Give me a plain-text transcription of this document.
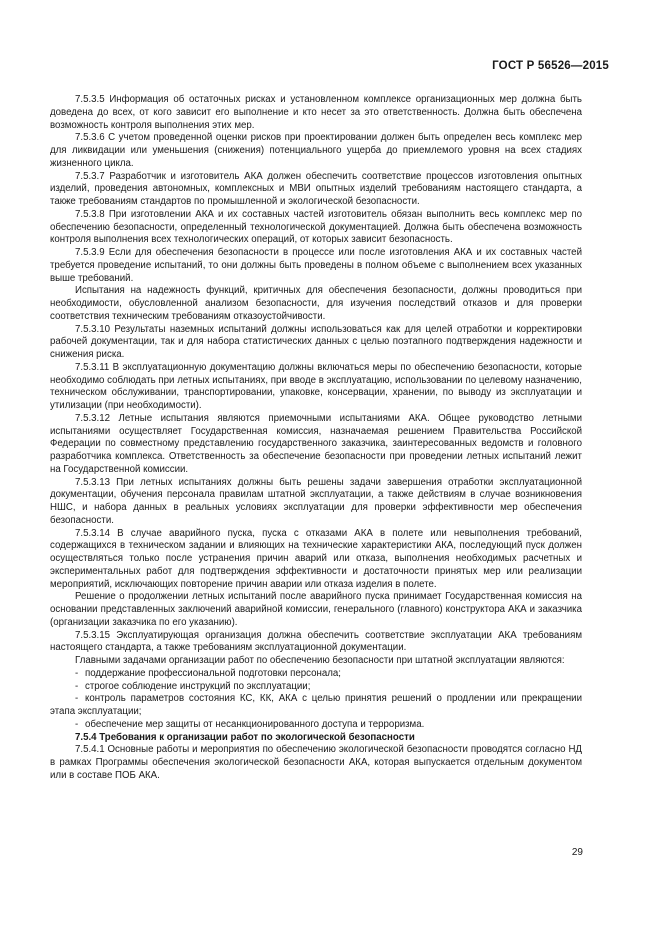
ГОСТ Р 56526—2015

7.5.3.5 Информация об остаточных рисках и установленном комплексе организационных мер должна быть доведена до всех, от кого зависит его выполнение и кто несет за это ответственность. Должна быть обеспечена возможность контроля выполнения этих мер.

7.5.3.6 С учетом проведенной оценки рисков при проектировании должен быть определен весь комплекс мер для ликвидации или уменьшения (снижения) потенциального ущерба до приемлемого уровня на всех стадиях жизненного цикла.

7.5.3.7 Разработчик и изготовитель АКА должен обеспечить соответствие процессов изготовления опытных изделий, проведения автономных, комплексных и МВИ опытных изделий требованиям настоящего стандарта, а также требованиям стандартов по промышленной и экологической безопасности.

7.5.3.8 При изготовлении АКА и их составных частей изготовитель обязан выполнить весь комплекс мер по обеспечению безопасности, определенный технологической документацией. Должна быть обеспечена возможность контроля выполнения всех технологических операций, от которых зависит безопасность.

7.5.3.9 Если для обеспечения безопасности в процессе или после изготовления АКА и их составных частей требуется проведение испытаний, то они должны быть проведены в полном объеме с выполнением всех указанных выше требований.

Испытания на надежность функций, критичных для обеспечения безопасности, должны проводиться при необходимости, обусловленной анализом безопасности, для изучения последствий отказов и для проверки соответствия техническим требованиям отказоустойчивости.

7.5.3.10 Результаты наземных испытаний должны использоваться как для целей отработки и корректировки рабочей документации, так и для набора статистических данных с целью поэтапного подтверждения надежности и снижения риска.

7.5.3.11 В эксплуатационную документацию должны включаться меры по обеспечению безопасности, которые необходимо соблюдать при летных испытаниях, при вводе в эксплуатацию, использовании по целевому назначению, техническом обслуживании, транспортировании, упаковке, консервации, хранении, по выводу из эксплуатации и утилизации (при необходимости).

7.5.3.12 Летные испытания являются приемочными испытаниями АКА. Общее руководство летными испытаниями осуществляет Государственная комиссия, назначаемая решением Правительства Российской Федерации по совместному представлению государственного заказчика, заинтересованных ведомств и головного разработчика комплекса. Ответственность за обеспечение безопасности при проведении летных испытаний лежит на Государственной комиссии.

7.5.3.13 При летных испытаниях должны быть решены задачи завершения отработки эксплуатационной документации, обучения персонала правилам штатной эксплуатации, а также действиям в случае возникновения НШС, и набора данных в реальных условиях эксплуатации для проверки эффективности мер обеспечения безопасности.

7.5.3.14 В случае аварийного пуска, пуска с отказами АКА в полете или невыполнения требований, содержащихся в техническом задании и влияющих на технические характеристики АКА, последующий пуск должен осуществляться только после устранения причин аварий или отказа, выполнения необходимых расчетных и экспериментальных работ для подтверждения эффективности и достаточности принятых мер или реализации мероприятий, исключающих повторение причин аварии или отказа изделия в полете.

Решение о продолжении летных испытаний после аварийного пуска принимает Государственная комиссия на основании представленных заключений аварийной комиссии, генерального (главного) конструктора АКА и заказчика (организации заказчика по его указанию).

7.5.3.15 Эксплуатирующая организация должна обеспечить соответствие эксплуатации АКА требованиям настоящего стандарта, а также требованиям эксплуатационной документации.

Главными задачами организации работ по обеспечению безопасности при штатной эксплуатации являются:

- поддержание профессиональной подготовки персонала;

- строгое соблюдение инструкций по эксплуатации;

- контроль параметров состояния КС, КК, АКА с целью принятия решений о продлении или прекращении этапа эксплуатации;

- обеспечение мер защиты от несанкционированного доступа и терроризма.

7.5.4 Требования к организации работ по экологической безопасности

7.5.4.1 Основные работы и мероприятия по обеспечению экологической безопасности проводятся согласно НД в рамках Программы обеспечения экологической безопасности АКА, которая выпускается отдельным документом или в составе ПОБ АКА.

29
